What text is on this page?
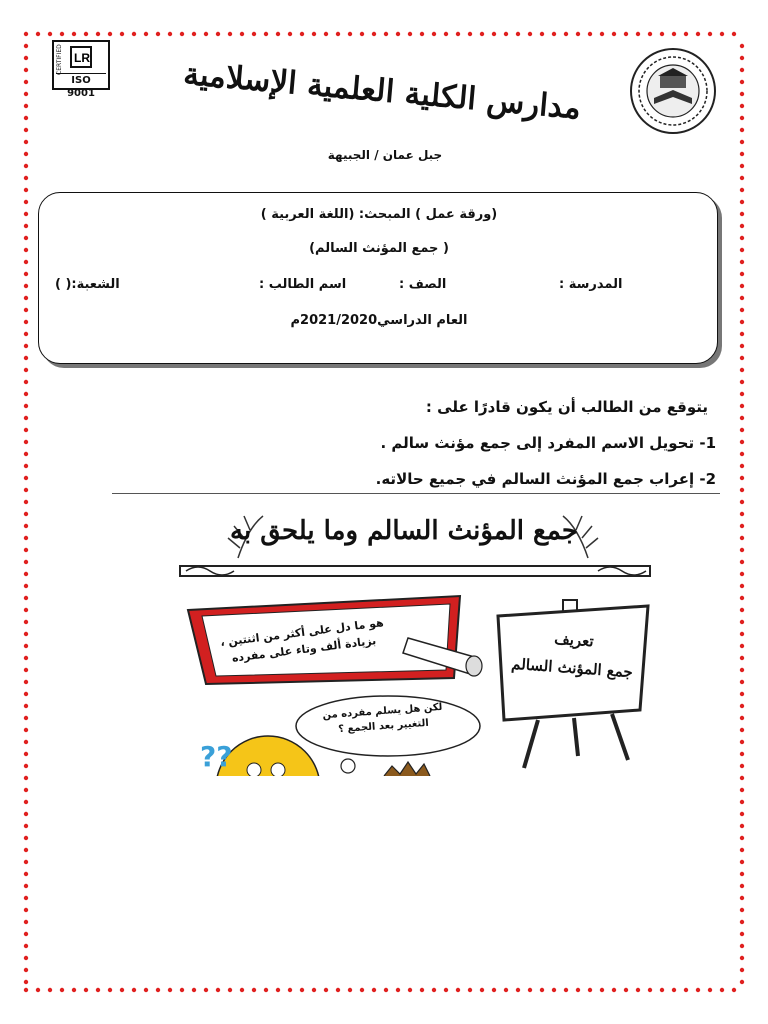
CERTIFIED LR
ISO 9001	مدارس الكلية العلمية الإسلامية
جبل عمان / الجبيهة
(ورقة عمل ) المبحث: (اللغة العربية )
( جمع المؤنث السالم)
المدرسة :
الصف :
اسم الطالب :
الشعبة:( )
العام الدراسي2021/2020م
يتوقع من الطالب أن يكون قادرًا على :
1- تحويل الاسم المفرد إلى جمع مؤنث سالم .
2- إعراب جمع المؤنث السالم في جميع حالاته.
??
جمع المؤنث السالم وما يلحق به
هو ما دل على أكثر من اثنتين ، بزيادة ألف وتاء على مفرده	تعريف
جمع المؤنث السالم
لكن هل يسلم مفرده من التغيير بعد الجمع ؟
